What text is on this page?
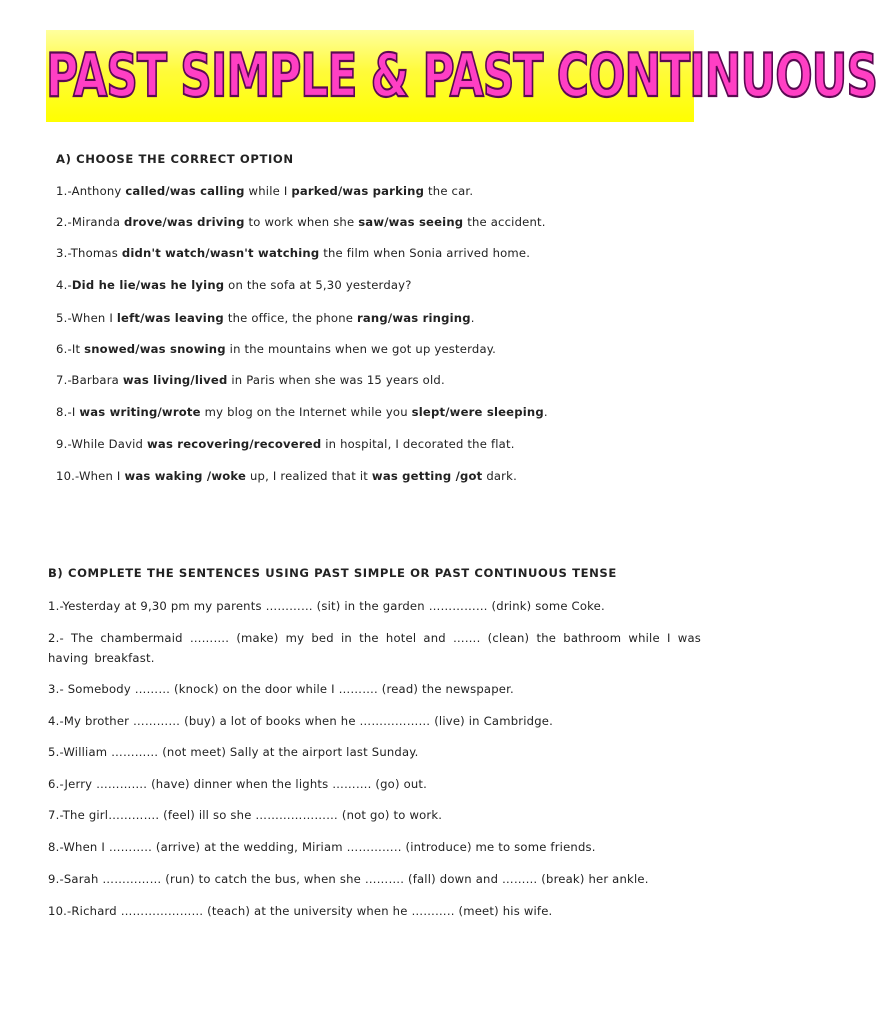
PAST SIMPLE & PAST CONTINUOUS
A) CHOOSE THE CORRECT OPTION
1.-Anthony called/was calling while I parked/was parking the car.
2.-Miranda drove/was driving to work when she saw/was seeing the accident.
3.-Thomas didn't watch/wasn't watching the film when Sonia arrived home.
4.-Did he lie/was he lying on the sofa at 5,30 yesterday?
5.-When I left/was leaving the office, the phone rang/was ringing.
6.-It snowed/was snowing in the mountains when we got up yesterday.
7.-Barbara was living/lived in Paris when she was 15 years old.
8.-I was writing/wrote my blog on the Internet while you slept/were sleeping.
9.-While David was recovering/recovered in hospital, I decorated the flat.
10.-When I was waking /woke up, I realized that it was getting /got dark.
B) COMPLETE THE SENTENCES USING PAST SIMPLE OR PAST CONTINUOUS TENSE
1.-Yesterday at 9,30 pm my parents ………… (sit) in the garden …………… (drink) some Coke.
2.- The chambermaid ………. (make) my bed in the hotel and ……. (clean) the bathroom while I was having breakfast.
3.- Somebody ……… (knock) on the door while I ………. (read) the newspaper.
4.-My brother ………… (buy) a lot of books when he ……………… (live) in Cambridge.
5.-William ………… (not meet) Sally at the airport last Sunday.
6.-Jerry …………. (have) dinner when the lights ………. (go) out.
7.-The girl…………. (feel) ill so she ………………… (not go) to work.
8.-When I ……….. (arrive) at the wedding, Miriam ………….. (introduce) me to some friends.
9.-Sarah …………… (run) to catch the bus, when she ………. (fall) down and ……… (break) her ankle.
10.-Richard ………………… (teach) at the university when he ……….. (meet) his wife.
